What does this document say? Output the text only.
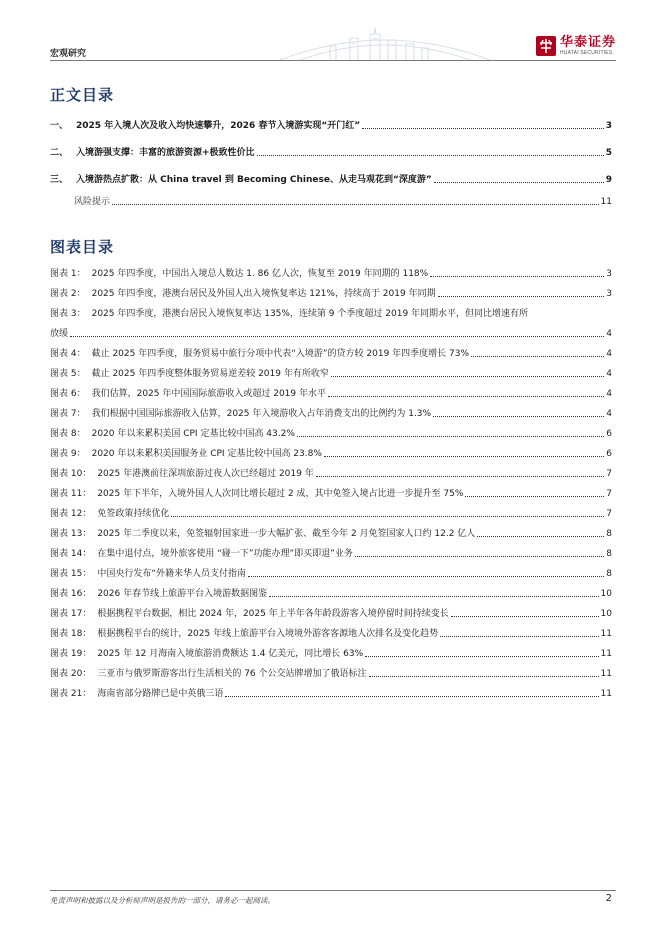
宏观研究
华泰证券
HUATAI SECURITIES
正文目录
一、 2025 年入境人次及收入均快速攀升，2026 春节入境游实现“开门红”	3
二、 入境游强支撑：丰富的旅游资源+极致性价比	5
三、 入境游热点扩散：从 China travel 到 Becoming Chinese、从走马观花到“深度游”	9
风险提示	11
图表目录
图表 1： 2025 年四季度，中国出入境总人数达 1. 86 亿人次，恢复至 2019 年同期的 118%	3
图表 2： 2025 年四季度，港澳台居民及外国人出入境恢复率达 121%，持续高于 2019 年同期	3
图表 3： 2025 年四季度，港澳台居民入境恢复率达 135%，连续第 9 个季度超过 2019 年同期水平，但同比增速有所
放缓	4
图表 4： 截止 2025 年四季度，服务贸易中旅行分项中代表“入境游”的贷方较 2019 年四季度增长 73%	4
图表 5： 截止 2025 年四季度整体服务贸易逆差较 2019 年有所收窄	4
图表 6： 我们估算，2025 年中国国际旅游收入或超过 2019 年水平	4
图表 7： 我们根据中国国际旅游收入估算，2025 年入境游收入占年消费支出的比例约为 1.3%	4
图表 8： 2020 年以来累积美国 CPI 定基比较中国高 43.2%	6
图表 9： 2020 年以来累积美国服务业 CPI 定基比较中国高 23.8%	6
图表 10： 2025 年港澳前往深圳旅游过夜人次已经超过 2019 年	7
图表 11： 2025 年下半年，入境外国人人次同比增长超过 2 成，其中免签入境占比进一步提升至 75%	7
图表 12： 免签政策持续优化	7
图表 13： 2025 年二季度以来，免签辐射国家进一步大幅扩张、截至今年 2 月免签国家人口约 12.2 亿人	8
图表 14： 在集中退付点，境外旅客使用 “碰一下”功能办理”即买即退”业务	8
图表 15： 中国央行发布“外籍来华人员支付指南	8
图表 16： 2026 年春节线上旅游平台入境游数据图鉴	10
图表 17： 根据携程平台数据，相比 2024 年，2025 年上半年各年龄段游客入境停留时间持续变长	10
图表 18： 根据携程平台的统计，2025 年线上旅游平台入境境外游客客源地人次排名及变化趋势	11
图表 19： 2025 年 12 月海南入境旅游消费额达 1.4 亿美元，同比增长 63%	11
图表 20： 三亚市与俄罗斯游客出行生活相关的 76 个公交站牌增加了俄语标注	11
图表 21： 海南省部分路牌已是中英俄三语	11
免责声明和披露以及分析师声明是报告的一部分，请务必一起阅读。	2
